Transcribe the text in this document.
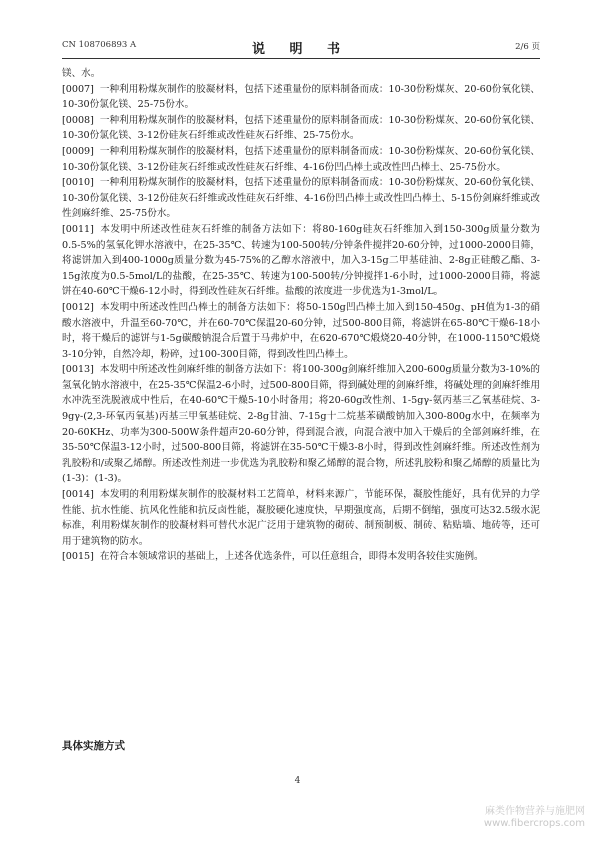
CN 108706893 A	说 明 书	2/6 页

镁、水。

[0007] 一种利用粉煤灰制作的胶凝材料，包括下述重量份的原料制备而成：10-30份粉煤灰、20-60份氧化镁、10-30份氯化镁、25-75份水。

[0008] 一种利用粉煤灰制作的胶凝材料，包括下述重量份的原料制备而成：10-30份粉煤灰、20-60份氧化镁、10-30份氯化镁、3-12份硅灰石纤维或改性硅灰石纤维、25-75份水。

[0009] 一种利用粉煤灰制作的胶凝材料，包括下述重量份的原料制备而成：10-30份粉煤灰、20-60份氧化镁、10-30份氯化镁、3-12份硅灰石纤维或改性硅灰石纤维、4-16份凹凸棒土或改性凹凸棒土、25-75份水。

[0010] 一种利用粉煤灰制作的胶凝材料，包括下述重量份的原料制备而成：10-30份粉煤灰、20-60份氧化镁、10-30份氯化镁、3-12份硅灰石纤维或改性硅灰石纤维、4-16份凹凸棒土或改性凹凸棒土、5-15份剑麻纤维或改性剑麻纤维、25-75份水。

[0011] 本发明中所述改性硅灰石纤维的制备方法如下：将80-160g硅灰石纤维加入到150-300g质量分数为0.5-5%的氢氧化钾水溶液中，在25-35℃、转速为100-500转/分钟条件搅拌20-60分钟，过1000-2000目筛，将滤饼加入到400-1000g质量分数为45-75%的乙醇水溶液中，加入3-15g二甲基硅油、2-8g正硅酸乙酯、3-15g浓度为0.5-5mol/L的盐酸，在25-35℃、转速为100-500转/分钟搅拌1-6小时，过1000-2000目筛，将滤饼在40-60℃干燥6-12小时，得到改性硅灰石纤维。盐酸的浓度进一步优选为1-3mol/L。

[0012] 本发明中所述改性凹凸棒土的制备方法如下：将50-150g凹凸棒土加入到150-450g、pH值为1-3的硝酸水溶液中，升温至60-70℃，并在60-70℃保温20-60分钟，过500-800目筛，将滤饼在65-80℃干燥6-18小时，将干燥后的滤饼与1-5g碳酸钠混合后置于马弗炉中，在620-670℃煅烧20-40分钟，在1000-1150℃煅烧3-10分钟，自然冷却，粉碎，过100-300目筛，得到改性凹凸棒土。

[0013] 本发明中所述改性剑麻纤维的制备方法如下：将100-300g剑麻纤维加入200-600g质量分数为3-10%的氢氧化钠水溶液中，在25-35℃保温2-6小时，过500-800目筛，得到碱处理的剑麻纤维，将碱处理的剑麻纤维用水冲洗至洗脱液成中性后，在40-60℃干燥5-10小时备用；将20-60g改性剂、1-5gγ-氨丙基三乙氧基硅烷、3-9gγ-(2,3-环氧丙氧基)丙基三甲氧基硅烷、2-8g甘油、7-15g十二烷基苯磺酸钠加入300-800g水中，在频率为20-60KHz、功率为300-500W条件超声20-60分钟，得到混合液，向混合液中加入干燥后的全部剑麻纤维，在35-50℃保温3-12小时，过500-800目筛，将滤饼在35-50℃干燥3-8小时，得到改性剑麻纤维。所述改性剂为乳胶粉和/或聚乙烯醇。所述改性剂进一步优选为乳胶粉和聚乙烯醇的混合物，所述乳胶粉和聚乙烯醇的质量比为(1-3)：(1-3)。

[0014] 本发明的利用粉煤灰制作的胶凝材料工艺简单，材料来源广，节能环保，凝胶性能好，具有优异的力学性能、抗水性能、抗风化性能和抗反卤性能，凝胶硬化速度快，早期强度高，后期不倒缩，强度可达32.5级水泥标准，利用粉煤灰制作的胶凝材料可替代水泥广泛用于建筑物的砌砖、制预制板、制砖、粘贴墙、地砖等，还可用于建筑物的防水。

[0015] 在符合本领域常识的基础上，上述各优选条件，可以任意组合，即得本发明各较佳实施例。

具体实施方式
4
麻类作物营养与施肥网
www.fibercrops.com
